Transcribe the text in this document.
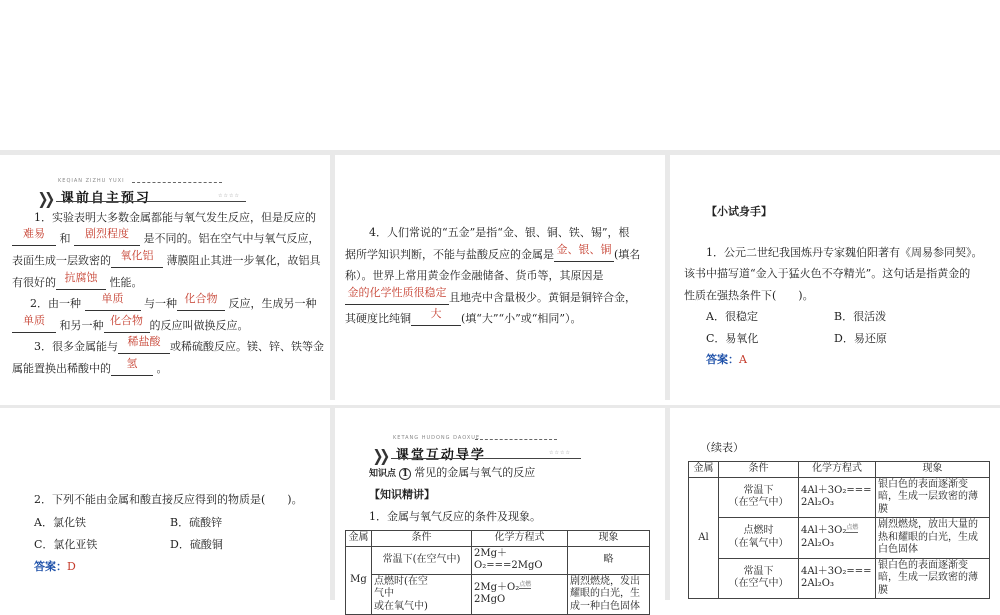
KEQIAN ZIZHU YUXI
❯❯ 课前自主预习	☆☆☆☆
1．实验表明大多数金属都能与氧气发生反应，但是反应的
难易 和 剧烈程度 是不同的。铝在空气中与氧气反应，
表面生成一层致密的 氧化铝 薄膜阻止其进一步氧化，故铝具
有很好的 抗腐蚀 性能。
2．由一种 单质 与一种 化合物 反应，生成另一种
单质 和另一种 化合物 的反应叫做换反应。
3．很多金属能与 稀盐酸 或稀硫酸反应。镁、锌、铁等金
属能置换出稀酸中的 氢 。
4．人们常说的“五金”是指“金、银、铜、铁、锡”，根
据所学知识判断，不能与盐酸反应的金属是 金、银、铜 (填名
称）。世界上常用黄金作金融储备、货币等，其原因是
金的化学性质很稳定 且地壳中含量极少。黄铜是铜锌合金，
其硬度比纯铜 大 (填“大”“小”或“相同”）。
【小试身手】
1．公元二世纪我国炼丹专家魏伯阳著有《周易参同契》。
该书中描写道“金入于猛火色不夺精光”。这句话是指黄金的
性质在强热条件下(　　)。
A．很稳定	B．很活泼
C．易氧化	D．易还原
答案：A
2．下列不能由金属和酸直接反应得到的物质是(　　)。
A．氯化铁	B．硫酸锌
C．氯化亚铁	D．硫酸铜
答案：D
KETANG HUDONG DAOXUE
❯❯ 课堂互动导学	☆☆☆☆
知识点 1 常见的金属与氧气的反应
【知识精讲】
1．金属与氧气反应的条件及现象。
金属	条件	化学方程式	现象
Mg	常温下(在空气中)	2Mg＋O₂===2MgO	略
	点燃时(在空
气中
或在氧气中)	2Mg＋O₂点燃
2MgO	剧烈燃烧，发出
耀眼的白光，生
成一种白色固体
（续表）
金属	条件	化学方程式	现象
Al	常温下
（在空气中）	4Al＋3O₂===
2Al₂O₃	银白色的表面逐渐变暗，生成一层致密的薄膜
	点燃时
（在氧气中）	4Al＋3O₂点燃
2Al₂O₃	剧烈燃烧，放出大量的热和耀眼的白光，生成白色固体
	常温下
（在空气中）	4Al＋3O₂===
2Al₂O₃	银白色的表面逐渐变暗，生成一层致密的薄膜
